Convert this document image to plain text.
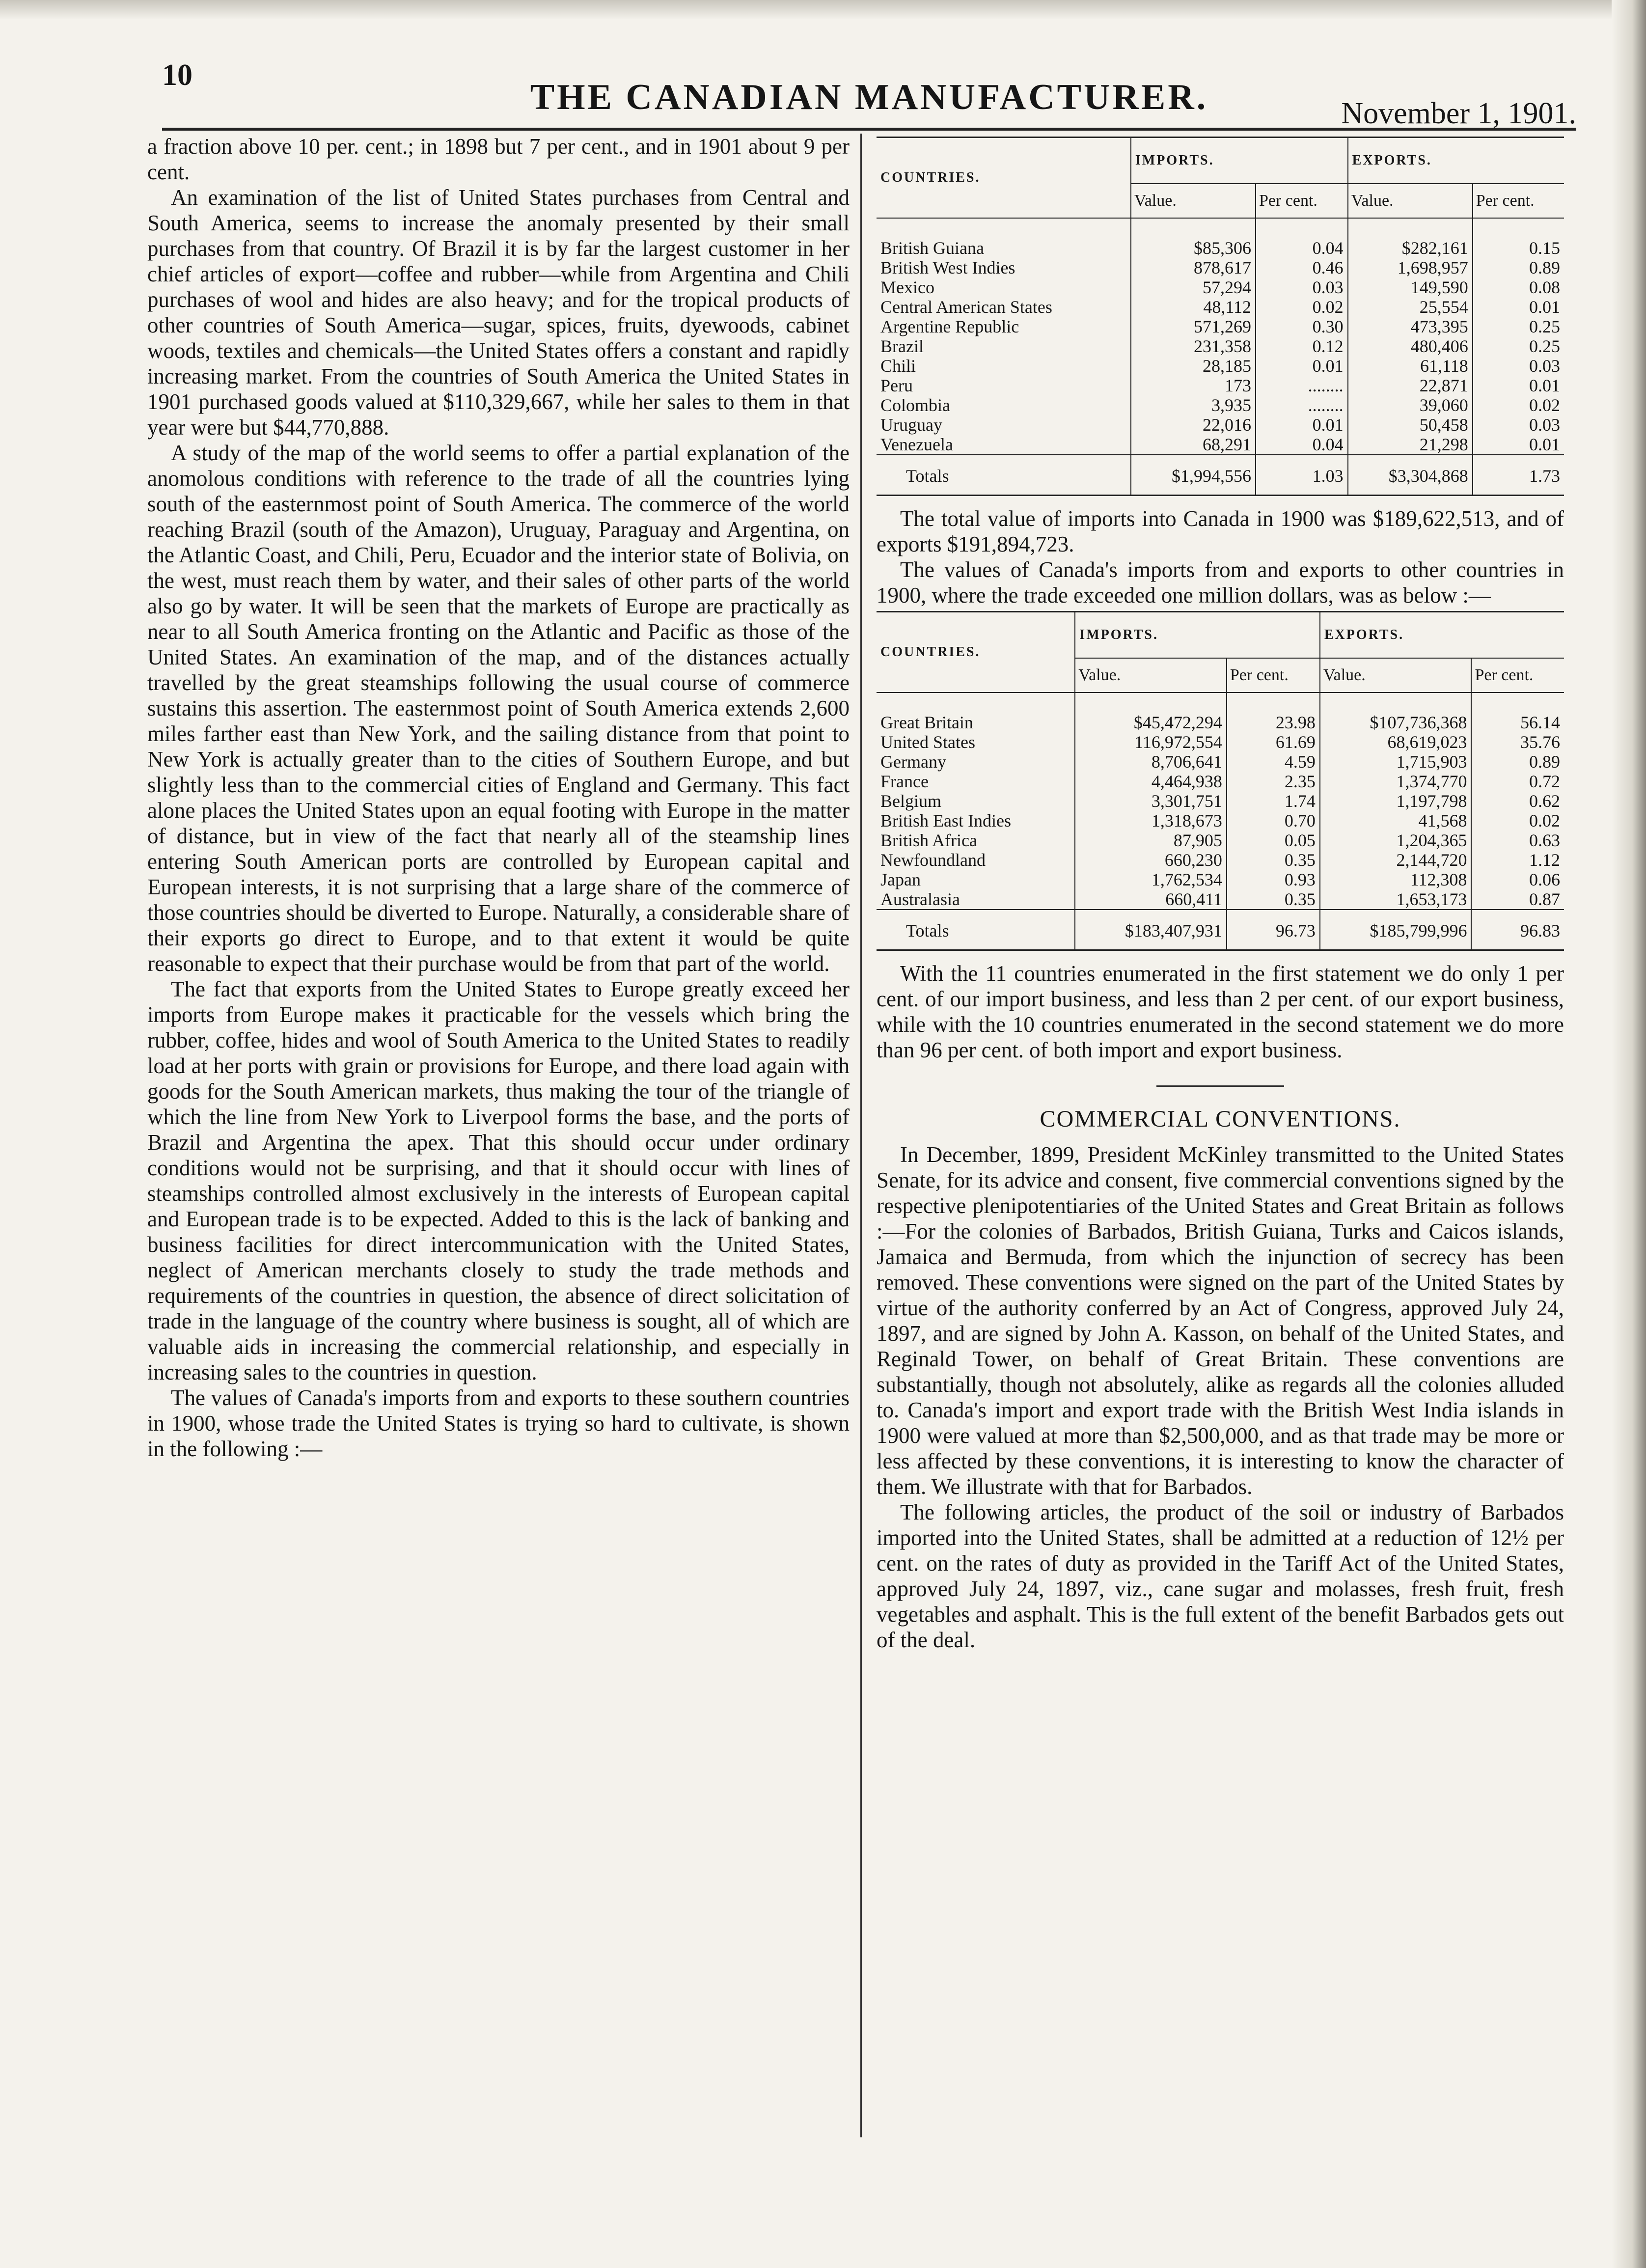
10
THE CANADIAN MANUFACTURER.	November 1, 1901.

a fraction above 10 per. cent.; in 1898 but 7 per cent., and in 1901 about 9 per cent.

An examination of the list of United States purchases from Central and South America, seems to increase the anomaly presented by their small purchases from that country. Of Brazil it is by far the largest customer in her chief articles of export—coffee and rubber—while from Argentina and Chili purchases of wool and hides are also heavy; and for the tropical products of other countries of South America—sugar, spices, fruits, dyewoods, cabinet woods, textiles and chemicals—the United States offers a constant and rapidly increasing market. From the countries of South America the United States in 1901 purchased goods valued at $110,329,667, while her sales to them in that year were but $44,770,888.

A study of the map of the world seems to offer a partial explanation of the anomolous conditions with reference to the trade of all the countries lying south of the easternmost point of South America. The commerce of the world reaching Brazil (south of the Amazon), Uruguay, Paraguay and Argentina, on the Atlantic Coast, and Chili, Peru, Ecuador and the interior state of Bolivia, on the west, must reach them by water, and their sales of other parts of the world also go by water. It will be seen that the markets of Europe are practically as near to all South America fronting on the Atlantic and Pacific as those of the United States. An examination of the map, and of the distances actually travelled by the great steamships following the usual course of commerce sustains this assertion. The easternmost point of South America extends 2,600 miles farther east than New York, and the sailing distance from that point to New York is actually greater than to the cities of Southern Europe, and but slightly less than to the commercial cities of England and Germany. This fact alone places the United States upon an equal footing with Europe in the matter of distance, but in view of the fact that nearly all of the steamship lines entering South American ports are controlled by European capital and European interests, it is not surprising that a large share of the commerce of those countries should be diverted to Europe. Naturally, a considerable share of their exports go direct to Europe, and to that extent it would be quite reasonable to expect that their purchase would be from that part of the world.

The fact that exports from the United States to Europe greatly exceed her imports from Europe makes it practicable for the vessels which bring the rubber, coffee, hides and wool of South America to the United States to readily load at her ports with grain or provisions for Europe, and there load again with goods for the South American markets, thus making the tour of the triangle of which the line from New York to Liverpool forms the base, and the ports of Brazil and Argentina the apex. That this should occur under ordinary conditions would not be surprising, and that it should occur with lines of steamships controlled almost exclusively in the interests of European capital and European trade is to be expected. Added to this is the lack of banking and business facilities for direct intercommunication with the United States, neglect of American merchants closely to study the trade methods and requirements of the countries in question, the absence of direct solicitation of trade in the language of the country where business is sought, all of which are valuable aids in increasing the commercial relationship, and especially in increasing sales to the countries in question.

The values of Canada's imports from and exports to these southern countries in 1900, whose trade the United States is trying so hard to cultivate, is shown in the following :—

COUNTRIES.	IMPORTS.		EXPORTS.	
	Value.	Per cent.	Value.	Per cent.
British Guiana	$85,306	0.04	$282,161	0.15
British West Indies	878,617	0.46	1,698,957	0.89
Mexico	57,294	0.03	149,590	0.08
Central American States	48,112	0.02	25,554	0.01
Argentine Republic	571,269	0.30	473,395	0.25
Brazil	231,358	0.12	480,406	0.25
Chili	28,185	0.01	61,118	0.03
Peru	173	........	22,871	0.01
Colombia	3,935	........	39,060	0.02
Uruguay	22,016	0.01	50,458	0.03
Venezuela	68,291	0.04	21,298	0.01
Totals	$1,994,556	1.03	$3,304,868	1.73

The total value of imports into Canada in 1900 was $189,622,513, and of exports $191,894,723.

The values of Canada's imports from and exports to other countries in 1900, where the trade exceeded one million dollars, was as below :—

COUNTRIES.	IMPORTS.		EXPORTS.	
	Value.	Per cent.	Value.	Per cent.
Great Britain	$45,472,294	23.98	$107,736,368	56.14
United States	116,972,554	61.69	68,619,023	35.76
Germany	8,706,641	4.59	1,715,903	0.89
France	4,464,938	2.35	1,374,770	0.72
Belgium	3,301,751	1.74	1,197,798	0.62
British East Indies	1,318,673	0.70	41,568	0.02
British Africa	87,905	0.05	1,204,365	0.63
Newfoundland	660,230	0.35	2,144,720	1.12
Japan	1,762,534	0.93	112,308	0.06
Australasia	660,411	0.35	1,653,173	0.87
Totals	$183,407,931	96.73	$185,799,996	96.83

With the 11 countries enumerated in the first statement we do only 1 per cent. of our import business, and less than 2 per cent. of our export business, while with the 10 countries enumerated in the second statement we do more than 96 per cent. of both import and export business.

COMMERCIAL CONVENTIONS.

In December, 1899, President McKinley transmitted to the United States Senate, for its advice and consent, five commercial conventions signed by the respective plenipotentiaries of the United States and Great Britain as follows :—For the colonies of Barbados, British Guiana, Turks and Caicos islands, Jamaica and Bermuda, from which the injunction of secrecy has been removed. These conventions were signed on the part of the United States by virtue of the authority conferred by an Act of Congress, approved July 24, 1897, and are signed by John A. Kasson, on behalf of the United States, and Reginald Tower, on behalf of Great Britain. These conventions are substantially, though not absolutely, alike as regards all the colonies alluded to. Canada's import and export trade with the British West India islands in 1900 were valued at more than $2,500,000, and as that trade may be more or less affected by these conventions, it is interesting to know the character of them. We illustrate with that for Barbados.

The following articles, the product of the soil or industry of Barbados imported into the United States, shall be admitted at a reduction of 12½ per cent. on the rates of duty as provided in the Tariff Act of the United States, approved July 24, 1897, viz., cane sugar and molasses, fresh fruit, fresh vegetables and asphalt. This is the full extent of the benefit Barbados gets out of the deal.
